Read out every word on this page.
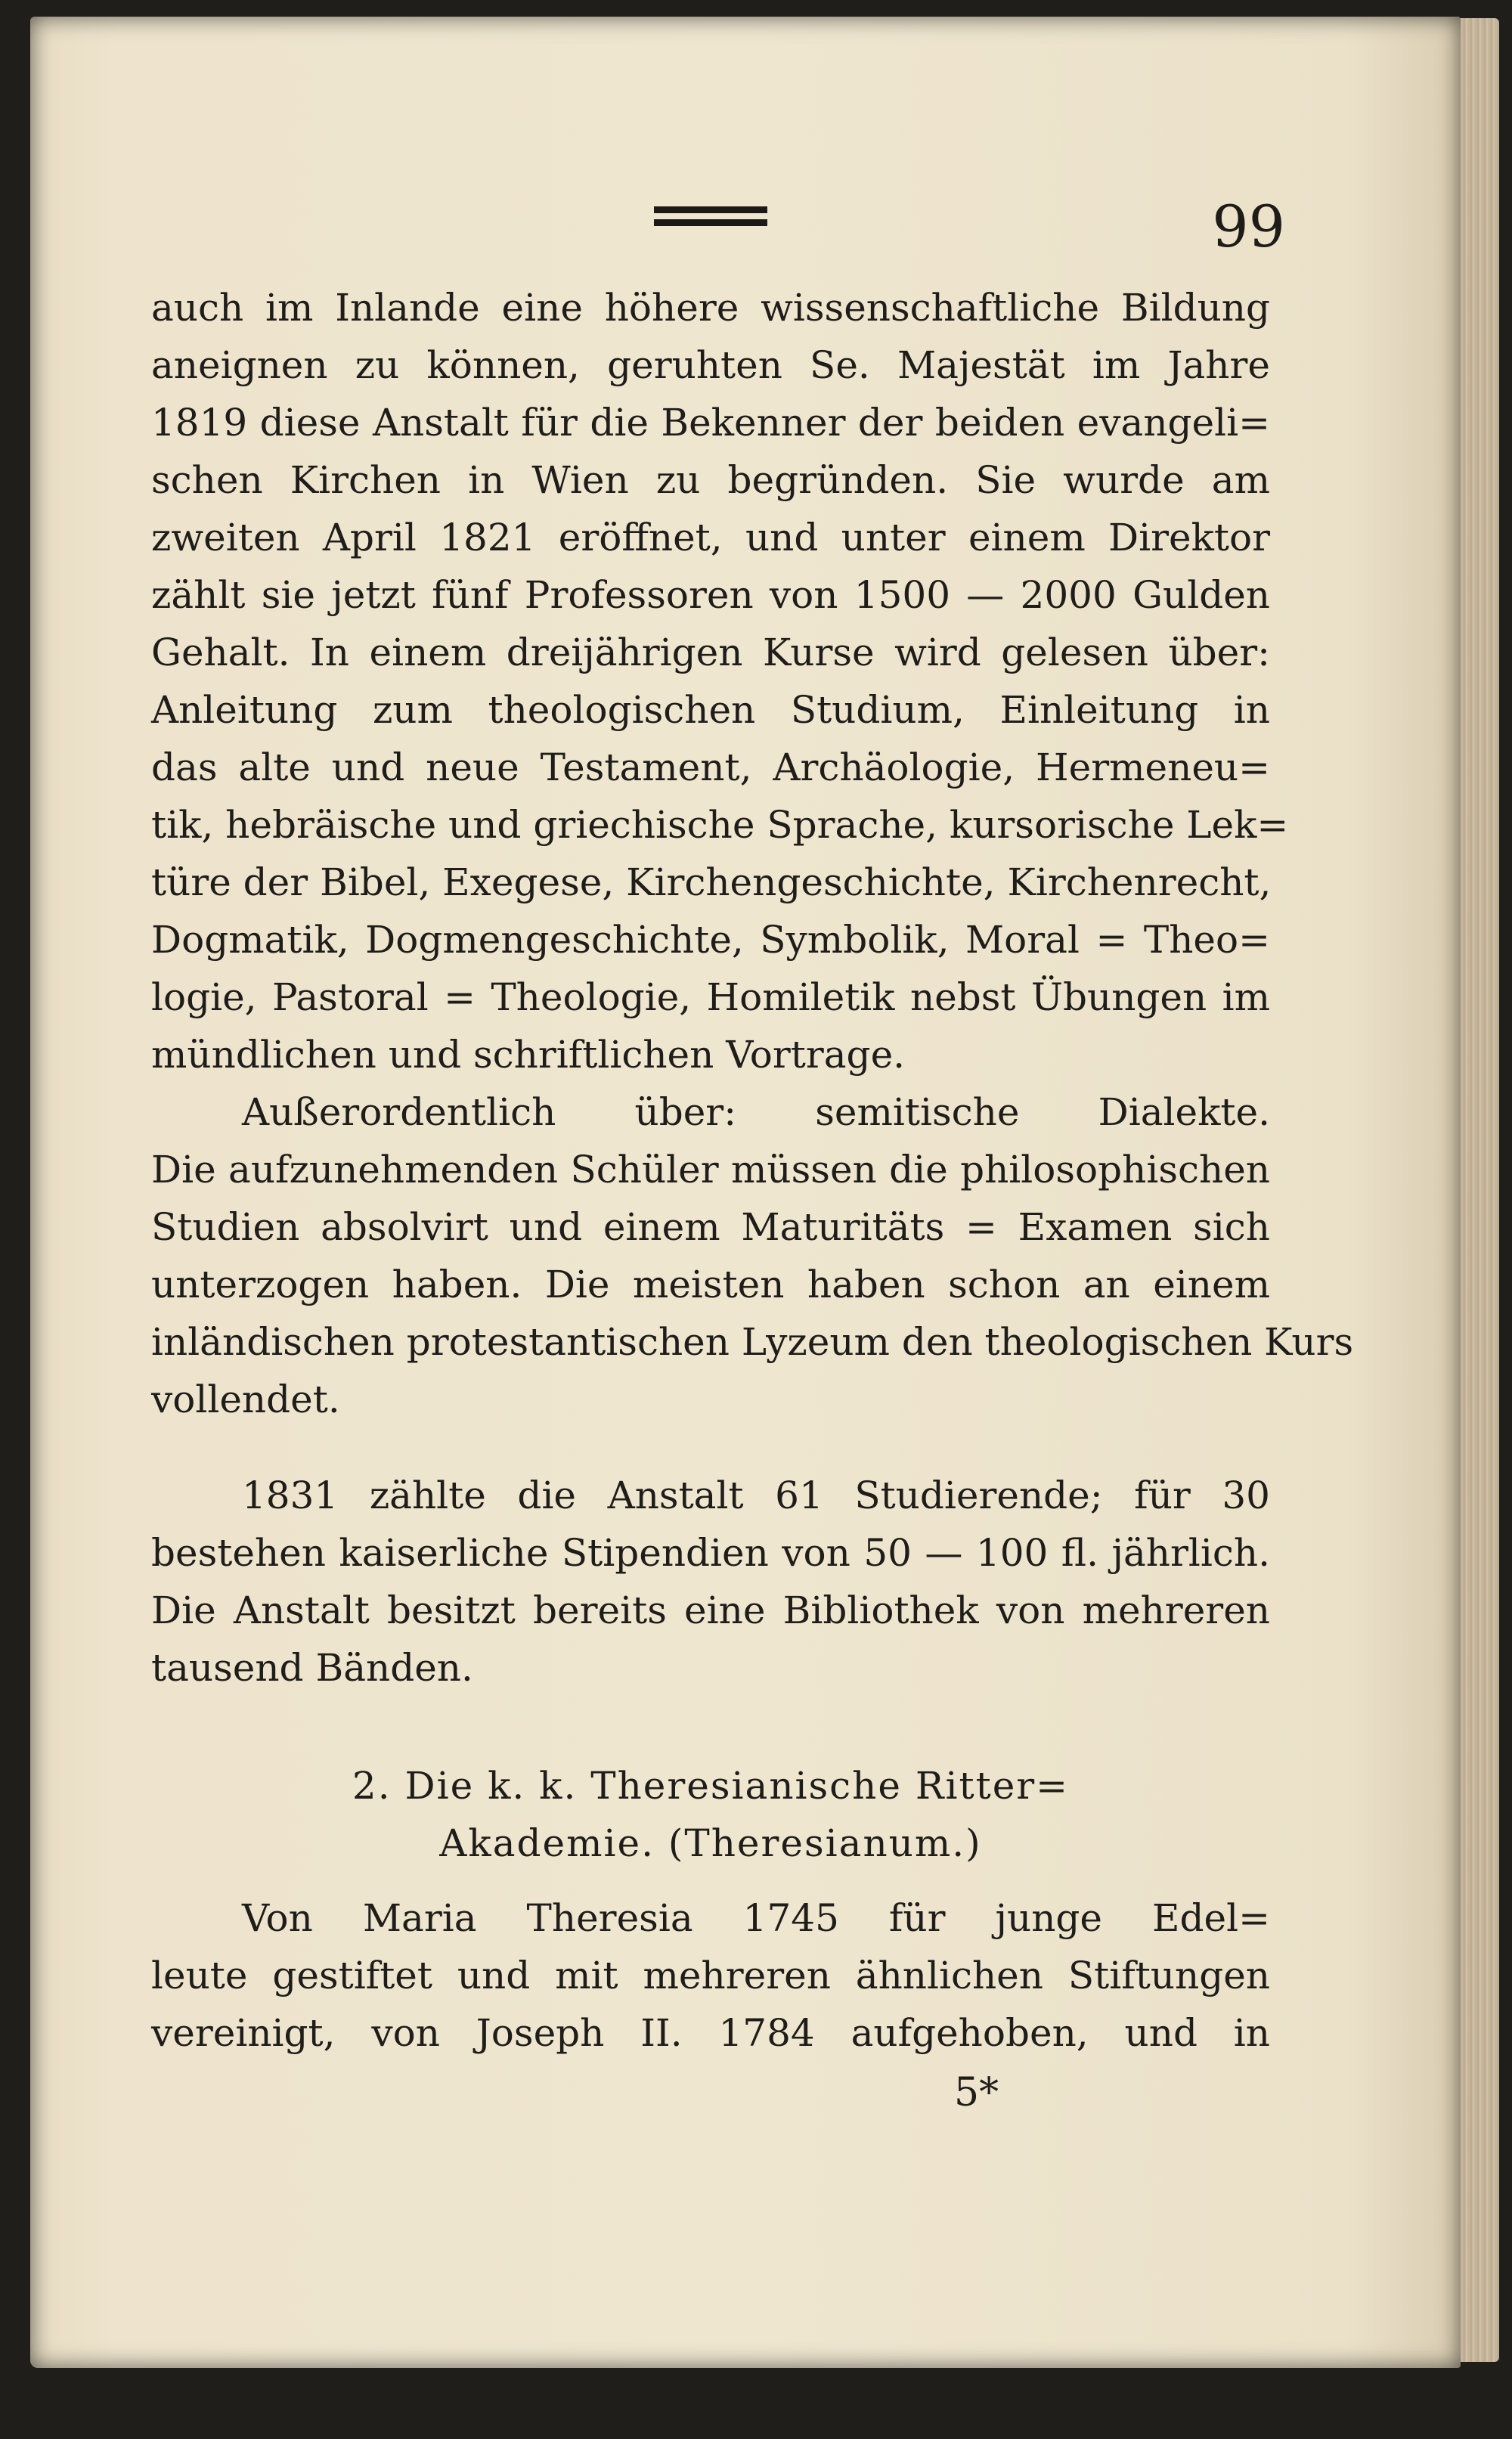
99
auch im Inlande eine höhere wissenschaftliche Bildung
aneignen zu können, geruhten Se. Majestät im Jahre
1819 diese Anstalt für die Bekenner der beiden evangeli=
schen Kirchen in Wien zu begründen. Sie wurde am
zweiten April 1821 eröffnet, und unter einem Direktor
zählt sie jetzt fünf Professoren von 1500 — 2000 Gulden
Gehalt. In einem dreijährigen Kurse wird gelesen über:
Anleitung zum theologischen Studium, Einleitung in
das alte und neue Testament, Archäologie, Hermeneu=
tik, hebräische und griechische Sprache, kursorische Lek=
türe der Bibel, Exegese, Kirchengeschichte, Kirchenrecht,
Dogmatik, Dogmengeschichte, Symbolik, Moral = Theo=
logie, Pastoral = Theologie, Homiletik nebst Übungen im
mündlichen und schriftlichen Vortrage.
Außerordentlich über: semitische Dialekte.
Die aufzunehmenden Schüler müssen die philosophischen
Studien absolvirt und einem Maturitäts = Examen sich
unterzogen haben. Die meisten haben schon an einem
inländischen protestantischen Lyzeum den theologischen Kurs
vollendet.
1831 zählte die Anstalt 61 Studierende; für 30
bestehen kaiserliche Stipendien von 50 — 100 fl. jährlich.
Die Anstalt besitzt bereits eine Bibliothek von mehreren
tausend Bänden.
2. Die k. k. Theresianische Ritter=
Akademie. (Theresianum.)
Von Maria Theresia 1745 für junge Edel=
leute gestiftet und mit mehreren ähnlichen Stiftungen
vereinigt, von Joseph II. 1784 aufgehoben, und in
5*
